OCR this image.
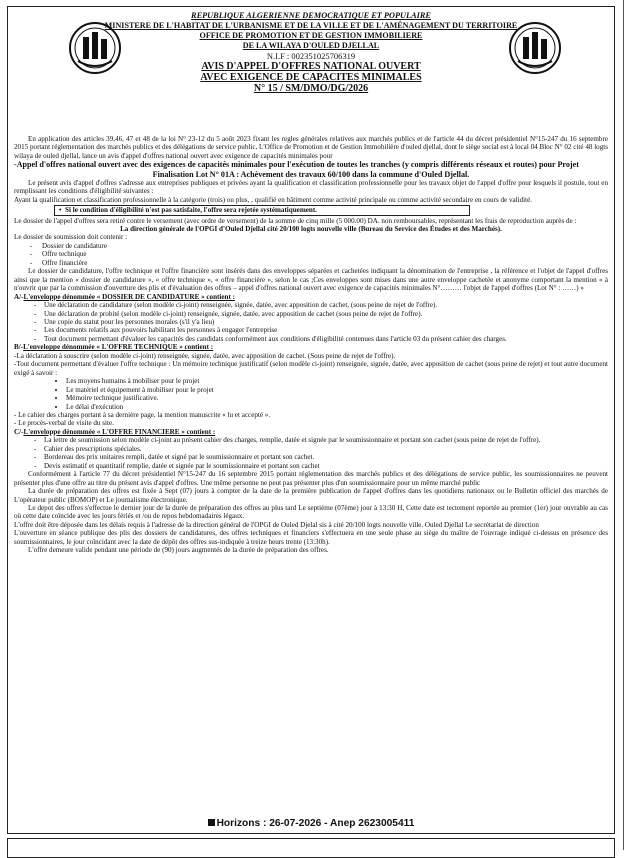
REPUBLIQUE ALGERIENNE DEMOCRATIQUE ET POPULAIRE
MINISTERE DE L'HABITAT DE L'URBANISME ET DE LA VILLE ET DE L'AMÉNAGEMENT DU TERRITOIRE
OFFICE DE PROMOTION ET DE GESTION IMMOBILIERE
DE LA WILAYA D'OULED DJELLAL
N.I.F : 002351025706319
AVIS D'APPEL D'OFFRES NATIONAL OUVERT
AVEC EXIGENCE DE CAPACITES MINIMALES
N° 15 / SM/DMO/DG/2026

En application des articles 39,46, 47 et 48 de la loi N° 23-12 du 5 août 2023 fixant les regles générales relatives aux marchés publics et de l'article 44 du décret présidentiel N°15-247 du 16 septembre 2015 portant réglementation des marchés publics et des délégations de service public, L'Office de Promotion et de Gestion Immobilière d'ouled djellal, dont le siège social est à local 04 Bloc N° 02 cité 48 logts wilaya de ouled djellal, lance un avis d'appel d'offres national ouvert avec exigence de capacités minimales pour

-Appel d'offres national ouvert avec des exigences de capacités minimales pour l'exécution de toutes les tranches (y compris différents réseaux et routes) pour Projet

Finalisation Lot N° 01A : Achèvement des travaux 60/100 dans la commune d'Ouled Djellal.

Le présent avis d'appel d'offres s'adresse aux entreprises publiques et privées ayant la qualification et classification professionnelle pour les travaux objet de l'appel d'offre pour lesquels il postule, tout en remplissant les conditions d'éligibilité suivantes :

Ayant la qualification et classification professionnelle à la catégorie (trois) ou plus, , qualifié en bâtiment comme activité principale ou comme activité secondaire en cours de validité.

•  Si le condition d'éligibilité n'est pas satisfaite, l'offre sera rejetée systématiquement.

Le dossier de l'appel d'offres sera retiré contre le versement (avec ordre de versement) de la somme de cinq mille (5 000.00) DA. non remboursables, représentant les frais de reproduction auprès de :

La direction générale de l'OPGI d'Ouled Djellal cité 20/100 logts nouvelle ville (Bureau du Service des Études et des Marchés).

Le dossier de soumission doit contenir :

- Dossier de candidature
- Offre technique
- Offre financière

Le dossier de candidature, l'offre technique et l'offre financière sont insérés dans des enveloppes séparées et cachetées indiquant la dénomination de l'entreprise , la référence et l'objet de l'appel d'offres ainsi que la mention « dossier de candidature », « offre technique », « offre financière », selon le cas ;Ces enveloppes sont mises dans une autre enveloppe cachetée et anonyme comportant la mention « à n'ouvrir que par la commission d'ouverture des plis et d'évaluation des offres – appel d'offres national ouvert avec exigence de capacités minimales N°……… l'objet de l'appel d'offres (Lot N° : ……) »

A/-L'enveloppe dénommée « DOSSIER DE CANDIDATURE » contient :

- Une déclaration de candidature (selon modèle ci-joint) renseignée, signée, datée, avec apposition de cachet, (sous peine de rejet de l'offre).
- Une déclaration de probité (selon modèle ci-joint) renseignée, signée, datée, avec apposition de cachet (sous peine de rejet de l'offre).
- Une copie du statut pour les personnes morales (s'il y'a lieu)
- Les documents relatifs aux pouvoirs habilitant les personnes à engager l'entreprise
- Tout document permettant d'évaluer les capacités des candidats conformément aux conditions d'éligibilité contenues dans l'article 03 du présent cahier des charges.

B/-L'enveloppe dénommée « L'OFFRE TECHNIQUE » contient :

-La déclaration à souscrire (selon modèle ci-joint) renseignée, signée, datée, avec apposition de cachet. (Sous peine de rejet de l'offre).

-Tout document permettant d'évaluer l'offre technique : Un mémoire technique justificatif (selon modèle ci-joint) renseignée, signée, datée, avec apposition de cachet (sous peine de rejet) et tout autre document exigé à savoir :

• Les moyens humains à mobiliser pour le projet
• Le matériel et équipement à mobiliser pour le projet
• Mémoire technique justificative.
• Le délai d'exécution

- Le cahier des charges portant à sa dernière page, la mention manuscrite « lu et accepté ».

- Le procès-verbal de visite du site.

C/-L'enveloppe dénommée « L'OFFRE FINANCIERE » contient :

- La lettre de soumission selon modèle ci-joint au présent cahier des charges, remplie, datée et signée par le soumissionnaire et portant son cachet (sous peine de rejet de l'offre).
- Cahier des prescriptions spéciales.
- Bordereau des prix unitaires rempli, datée et signé par le soumissionnaire et portant son cachet.
- Devis estimatif et quantitatif remplie, datée et signée par le soumissionnaire et portant son cachet

Conformément à l'article 77 du décret présidentiel N°15-247 du 16 septembre 2015 portant réglementation des marchés publics et des délégations de service public, les soumissionnaires ne peuvent présenter plus d'une offre au titre du présent avis d'appel d'offres. Une même personne ne peut pas présenter plus d'un soumissionnaire pour un même marché public

La durée de préparation des offres est fixée à Sept (07) jours à compter de la date de la première publication de l'appel d'offres dans les quotidiens nationaux ou le Bulletin officiel des marchés de L'opérateur public (BOMOP) et Le journalisme électronique.

Le depot des offres s'effectue le dernier jour de la durée de préparation des offres au plus tard Le septième (07ème) jour à 13:30 H, Cette date est tectement reportée au premier (1er) jour ouvrable au cas où cette date coïncide avec les jours fériés et /ou de repos hebdomadaires légaux.

L'offre doit être déposée dans les délais requis à l'adresse de la direction général de l'OPGI de Ouled Djelal sis à cité 20/100 logts nouvelle ville. Ouled Djellal Le secrétariat de direction

L'ouverture en séance publique des plis des dossiers de candidatures, des offres techniques et financiers s'effectuera en une seule phase au siège du maître de l'ouvrage indiqué ci-dessus en présence des soumissionnaires, le jour coïncidant avec la date de dépôt des offres sus-indiquée à treize heurs trente (13:30h).

L'offre demeure valide pendant une période de (90) jours augmentés de la durée de préparation des offres.

Horizons : 26-07-2026 - Anep 2623005411
